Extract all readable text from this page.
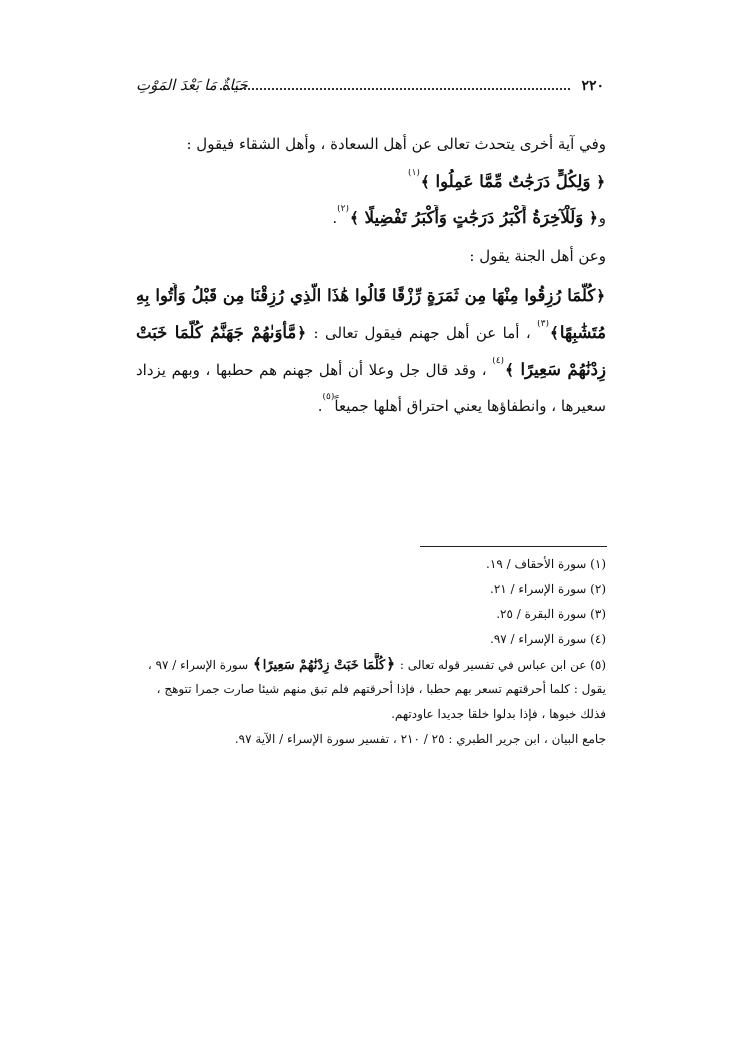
٢٢٠
حَيَاةٌ مَا بَعْدَ المَوْتِ
وفي آية أخرى يتحدث تعالى عن أهل السعادة ، وأهل الشقاء فيقول :
﴿ وَلِكُلٍّ دَرَجَٰتٌ مِّمَّا عَمِلُوا ﴾$^{(١)}$
و﴿ وَلَلْآخِرَةُ أَكْبَرُ دَرَجَٰتٍ وَأَكْبَرُ تَفْضِيلًا ﴾$^{(٢)}$.
وعن أهل الجنة يقول :
﴿كُلَّمَا رُزِقُوا مِنْهَا مِن ثَمَرَةٍ رِّزْقًا قَالُوا هَٰذَا الَّذِي رُزِقْنَا مِن قَبْلُ وَأُتُوا بِهِ
مُتَشَٰبِهًا﴾$^{(٣)}$ ، أما عن أهل جهنم فيقول تعالى : ﴿مَّأْوَىٰهُمْ جَهَنَّمُ كُلَّمَا خَبَتْ
زِدْنَٰهُمْ سَعِيرًا ﴾$^{(٤)}$ ، وقد قال جل وعلا أن أهل جهنم هم حطبها ، وبهم يزداد
سعيرها ، وانطفاؤها يعني احتراق أهلها جميعاً$^{(٥)}$.
(١) سورة الأحقاف / ١٩.
(٢) سورة الإسراء / ٢١.
(٣) سورة البقرة / ٢٥.
(٤) سورة الإسراء / ٩٧.
(٥) عن ابن عباس في تفسير قوله تعالى : ﴿كُلَّمَا خَبَتْ زِدْنَٰهُمْ سَعِيرًا﴾ سورة الإسراء / ٩٧ ،
يقول : كلما أحرقتهم تسعر بهم حطبا ، فإذا أحرقتهم فلم تبق منهم شيئا صارت جمرا تتوهج ،
فذلك خبوها ، فإذا بدلوا خلقا جديدا عاودتهم.
جامع البيان ، ابن جرير الطبري : ٢٥ / ٢١٠ ، تفسير سورة الإسراء / الآية ٩٧.
